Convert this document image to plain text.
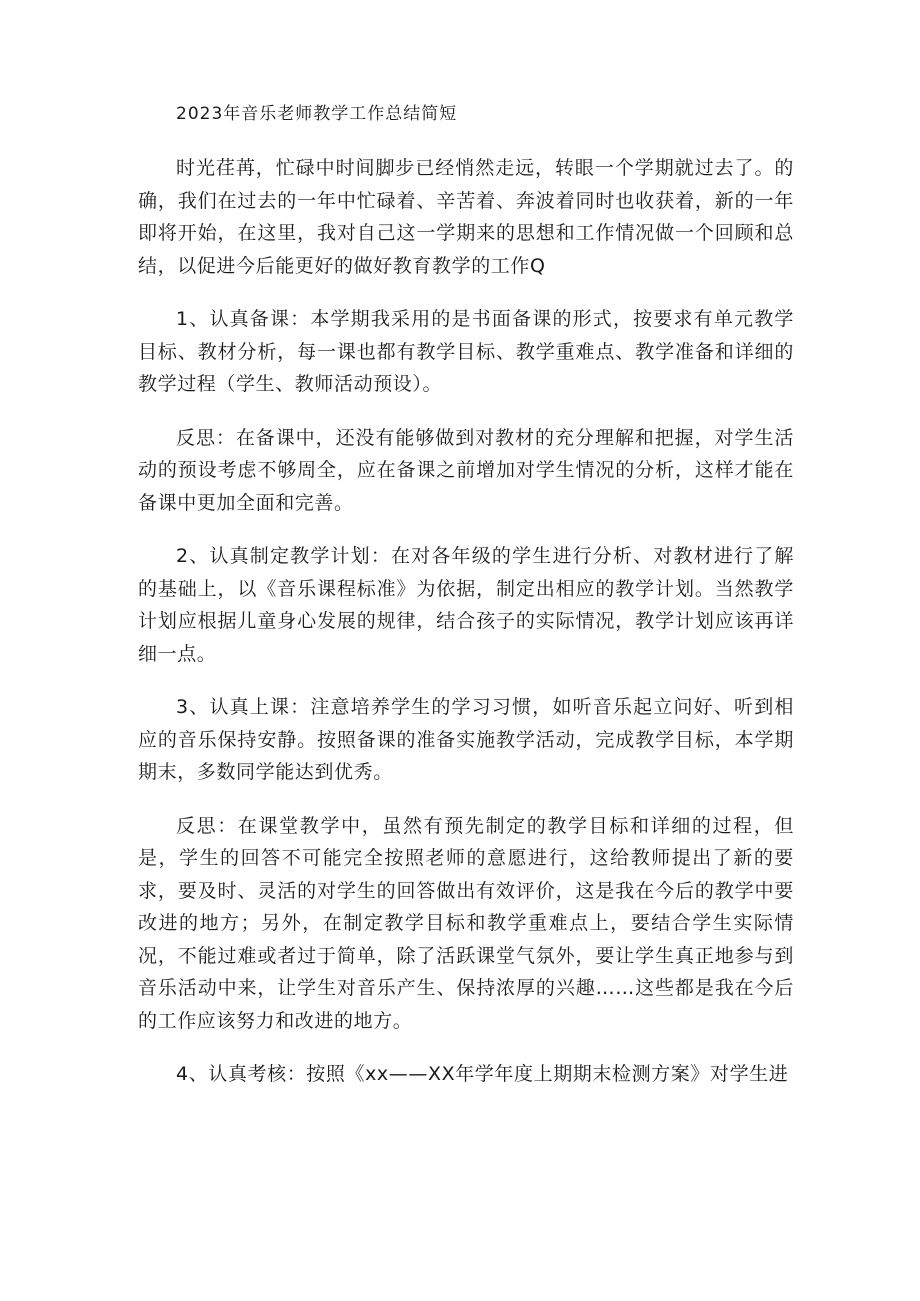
2023年音乐老师教学工作总结简短

时光荏苒，忙碌中时间脚步已经悄然走远，转眼一个学期就过去了。的确，我们在过去的一年中忙碌着、辛苦着、奔波着同时也收获着，新的一年即将开始，在这里，我对自己这一学期来的思想和工作情况做一个回顾和总结，以促进今后能更好的做好教育教学的工作Q

1、认真备课：本学期我采用的是书面备课的形式，按要求有单元教学目标、教材分析，每一课也都有教学目标、教学重难点、教学准备和详细的教学过程（学生、教师活动预设）。

反思：在备课中，还没有能够做到对教材的充分理解和把握，对学生活动的预设考虑不够周全，应在备课之前增加对学生情况的分析，这样才能在备课中更加全面和完善。

2、认真制定教学计划：在对各年级的学生进行分析、对教材进行了解的基础上，以《音乐课程标准》为依据，制定出相应的教学计划。当然教学计划应根据儿童身心发展的规律，结合孩子的实际情况，教学计划应该再详细一点。

3、认真上课：注意培养学生的学习习惯，如听音乐起立问好、听到相应的音乐保持安静。按照备课的准备实施教学活动，完成教学目标，本学期期末，多数同学能达到优秀。

反思：在课堂教学中，虽然有预先制定的教学目标和详细的过程，但是，学生的回答不可能完全按照老师的意愿进行，这给教师提出了新的要求，要及时、灵活的对学生的回答做出有效评价，这是我在今后的教学中要改进的地方；另外，在制定教学目标和教学重难点上，要结合学生实际情况，不能过难或者过于简单，除了活跃课堂气氛外，要让学生真正地参与到音乐活动中来，让学生对音乐产生、保持浓厚的兴趣……这些都是我在今后的工作应该努力和改进的地方。

4、认真考核：按照《xx——XX年学年度上期期末检测方案》对学生进
